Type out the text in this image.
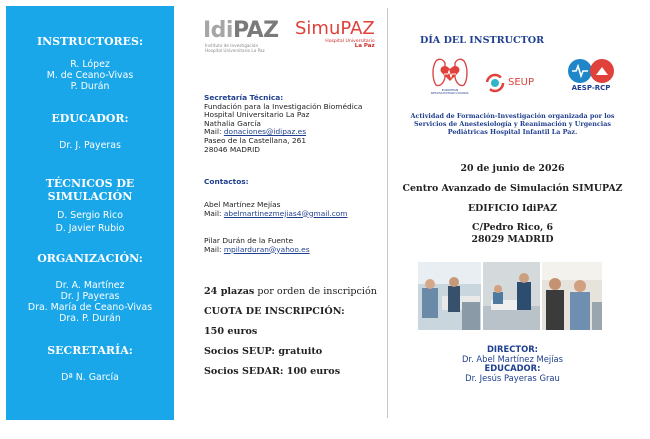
INSTRUCTORES:
R. López
M. de Ceano-Vivas
P. Durán
EDUCADOR:
Dr. J. Payeras
TÉCNICOS DE
SIMULACIÓN
D. Sergio Rico
D. Javier Rubio
ORGANIZACIÓN:
Dr. A. Martínez
Dr. J Payeras
Dra. María de Ceano-Vivas
Dra. P. Durán
SECRETARÍA:
Dª N. García
IdiPAZ
Instituto de Investigación
Hospital Universitario La Paz
SimuPAZ
Hospital Universitario
La Paz
Secretaría Técnica:
Fundación para la Investigación Biomédica
Hospital Universitario La Paz
Nathalia García
Mail: donaciones@idipaz.es
Paseo de la Castellana, 261
28046 MADRID
Contactos:
Abel Martínez Mejías
Mail: abelmartinezmejias4@gmail.com
Pilar Durán de la Fuente
Mail: mpilarduran@yahoo.es
24 plazas por orden de inscripción
CUOTA DE INSCRIPCIÓN:
150 euros
Socios SEUP: gratuito
Socios SEDAR: 100 euros
DÍA DEL INSTRUCTOR
EUROPEAN RESUSCITATION COUNCIL
SEUP	AESP-RCP
Actividad de Formación-Investigación organizada por los Servicios de Anestesiología y Reanimación y Urgencias Pediátricas Hospital Infantil La Paz.
20 de junio de 2026
Centro Avanzado de Simulación SIMUPAZ
EDIFICIO IdiPAZ
C/Pedro Rico, 6
28029 MADRID
DIRECTOR:
Dr. Abel Martínez Mejías
EDUCADOR:
Dr. Jesús Payeras Grau
